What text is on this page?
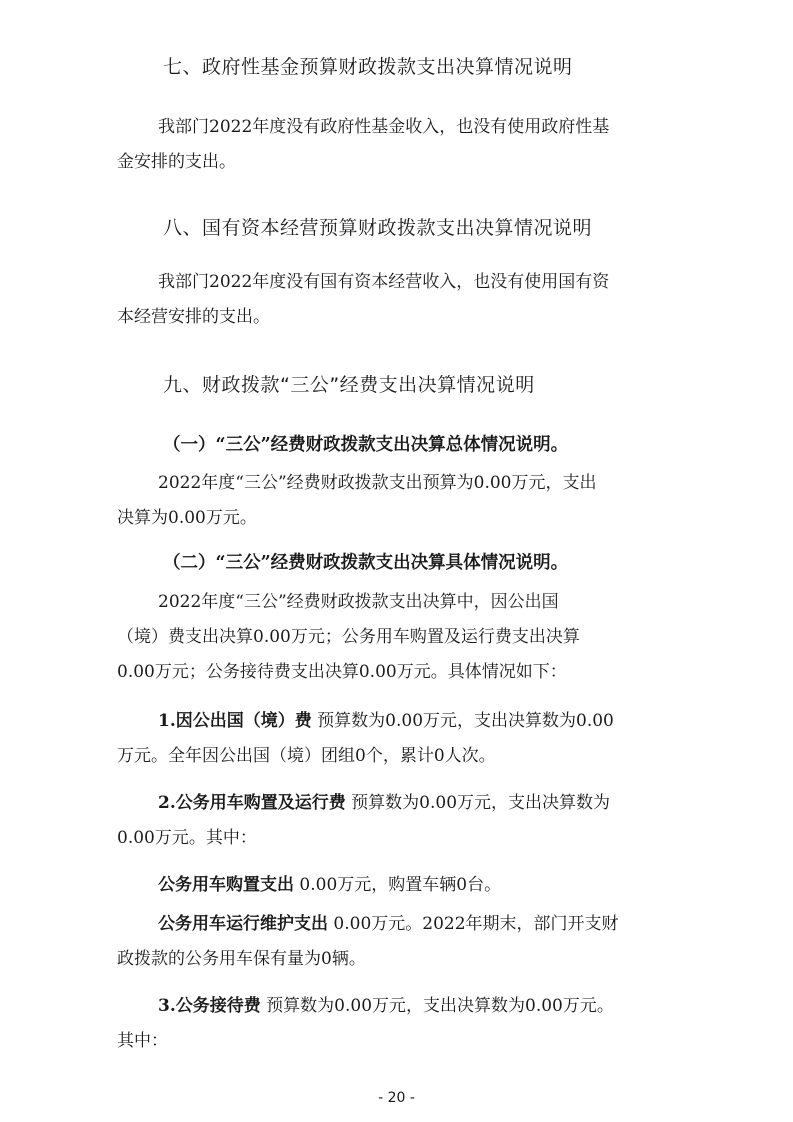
七、政府性基金预算财政拨款支出决算情况说明
我部门2022年度没有政府性基金收入，也没有使用政府性基
金安排的支出。
八、国有资本经营预算财政拨款支出决算情况说明
我部门2022年度没有国有资本经营收入，也没有使用国有资
本经营安排的支出。
九、财政拨款“三公”经费支出决算情况说明
（一）“三公”经费财政拨款支出决算总体情况说明。
2022年度“三公”经费财政拨款支出预算为0.00万元，支出
决算为0.00万元。
（二）“三公”经费财政拨款支出决算具体情况说明。
2022年度“三公”经费财政拨款支出决算中，因公出国
（境）费支出决算0.00万元；公务用车购置及运行费支出决算
0.00万元；公务接待费支出决算0.00万元。具体情况如下：
1.因公出国（境）费 预算数为0.00万元，支出决算数为0.00
万元。全年因公出国（境）团组0个，累计0人次。
2.公务用车购置及运行费 预算数为0.00万元，支出决算数为
0.00万元。其中：
公务用车购置支出 0.00万元，购置车辆0台。
公务用车运行维护支出 0.00万元。2022年期末，部门开支财
政拨款的公务用车保有量为0辆。
3.公务接待费 预算数为0.00万元，支出决算数为0.00万元。
其中：
- 20 -
